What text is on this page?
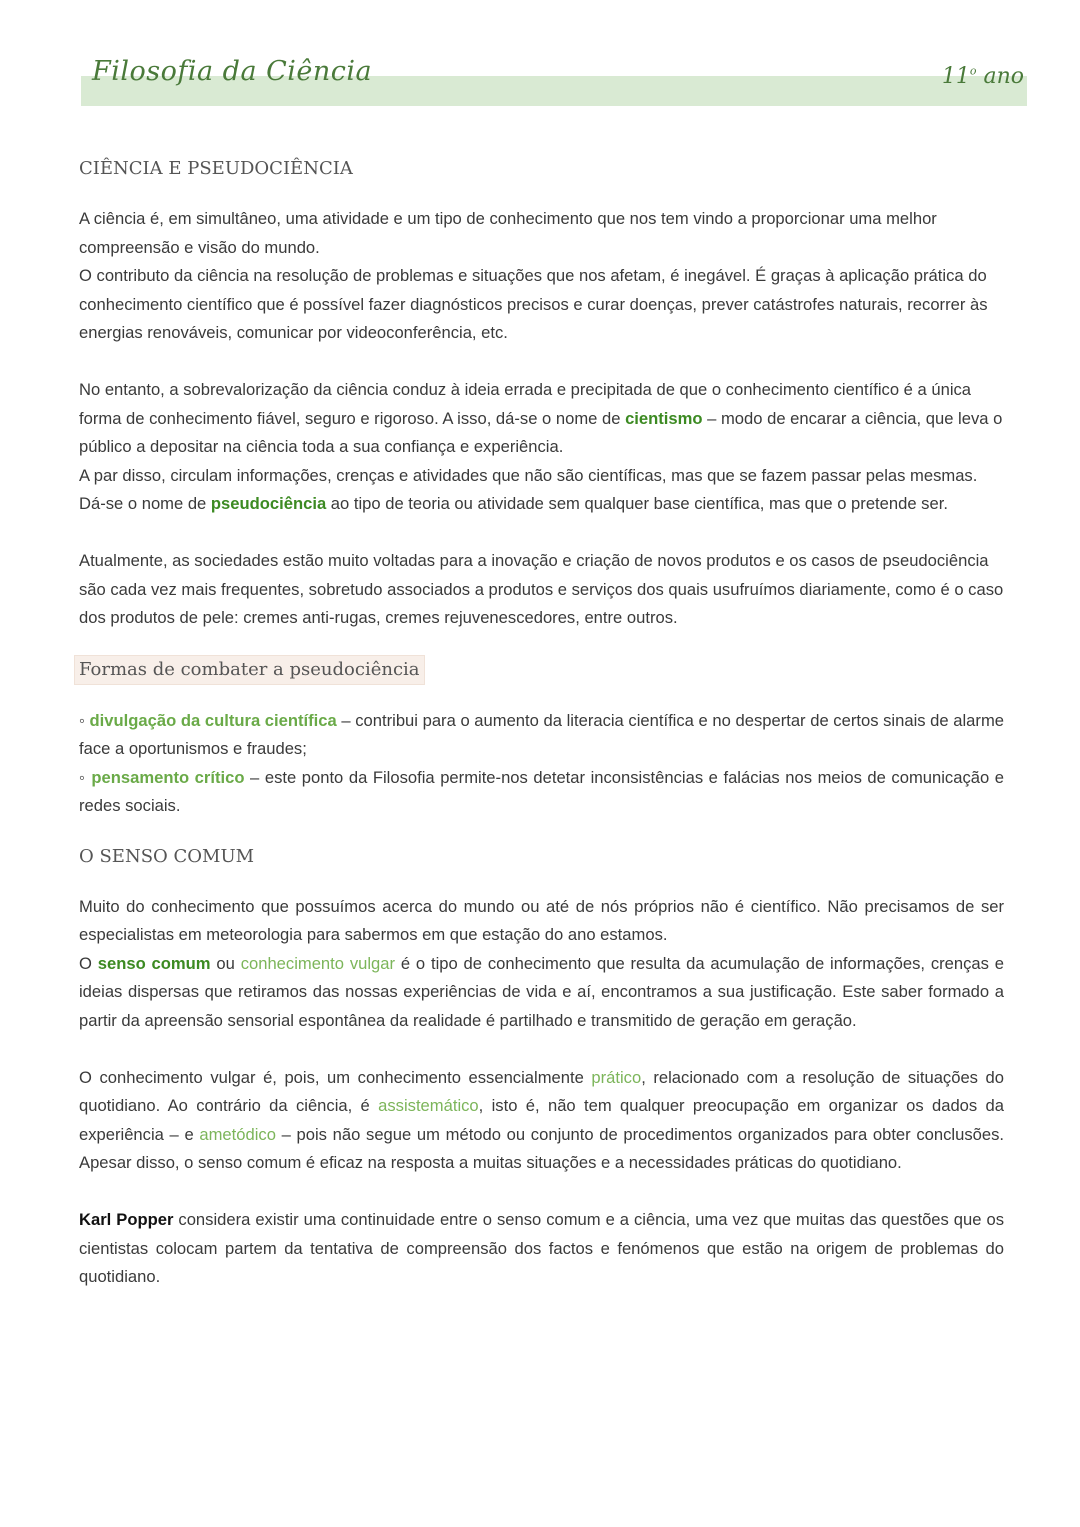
Filosofia da Ciência	11$^o$ ano
CIÊNCIA E PSEUDOCIÊNCIA

A ciência é, em simultâneo, uma atividade e um tipo de conhecimento que nos tem vindo a proporcionar uma melhor compreensão e visão do mundo.

O contributo da ciência na resolução de problemas e situações que nos afetam, é inegável. É graças à aplicação prática do conhecimento científico que é possível fazer diagnósticos precisos e curar doenças, prever catástrofes naturais, recorrer às energias renováveis, comunicar por videoconferência, etc.

No entanto, a sobrevalorização da ciência conduz à ideia errada e precipitada de que o conhecimento científico é a única forma de conhecimento fiável, seguro e rigoroso. A isso, dá-se o nome de cientismo – modo de encarar a ciência, que leva o público a depositar na ciência toda a sua confiança e experiência.

A par disso, circulam informações, crenças e atividades que não são científicas, mas que se fazem passar pelas mesmas. Dá-se o nome de pseudociência ao tipo de teoria ou atividade sem qualquer base científica, mas que o pretende ser.

Atualmente, as sociedades estão muito voltadas para a inovação e criação de novos produtos e os casos de pseudociência são cada vez mais frequentes, sobretudo associados a produtos e serviços dos quais usufruímos diariamente, como é o caso dos produtos de pele: cremes anti-rugas, cremes rejuvenescedores, entre outros.

Formas de combater a pseudociência

◦ divulgação da cultura científica – contribui para o aumento da literacia científica e no despertar de certos sinais de alarme face a oportunismos e fraudes;

◦ pensamento crítico – este ponto da Filosofia permite-nos detetar inconsistências e falácias nos meios de comunicação e redes sociais.

O SENSO COMUM

Muito do conhecimento que possuímos acerca do mundo ou até de nós próprios não é científico. Não precisamos de ser especialistas em meteorologia para sabermos em que estação do ano estamos.

O senso comum ou conhecimento vulgar é o tipo de conhecimento que resulta da acumulação de informações, crenças e ideias dispersas que retiramos das nossas experiências de vida e aí, encontramos a sua justificação. Este saber formado a partir da apreensão sensorial espontânea da realidade é partilhado e transmitido de geração em geração.

O conhecimento vulgar é, pois, um conhecimento essencialmente prático, relacionado com a resolução de situações do quotidiano. Ao contrário da ciência, é assistemático, isto é, não tem qualquer preocupação em organizar os dados da experiência – e ametódico – pois não segue um método ou conjunto de procedimentos organizados para obter conclusões. Apesar disso, o senso comum é eficaz na resposta a muitas situações e a necessidades práticas do quotidiano.

Karl Popper considera existir uma continuidade entre o senso comum e a ciência, uma vez que muitas das questões que os cientistas colocam partem da tentativa de compreensão dos factos e fenómenos que estão na origem de problemas do quotidiano.
